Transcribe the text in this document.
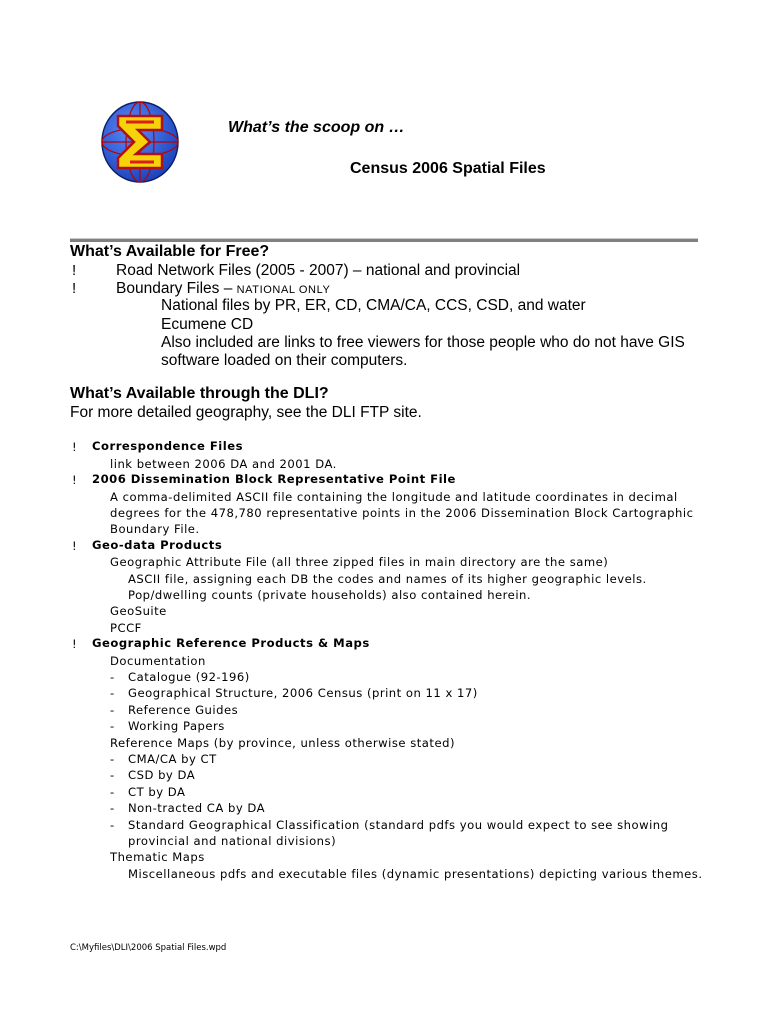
What’s the scoop on …
Census 2006 Spatial Files
What’s Available for Free?
!	Road Network Files (2005 - 2007) – national and provincial
!	Boundary Files – NATIONAL ONLY
National files by PR, ER, CD, CMA/CA, CCS, CSD, and water
Ecumene CD
Also included are links to free viewers for those people who do not have GIS
software loaded on their computers.
What’s Available through the DLI?
For more detailed geography, see the DLI FTP site.
! Correspondence Files
link between 2006 DA and 2001 DA.
! 2006 Dissemination Block Representative Point File
A comma-delimited ASCII file containing the longitude and latitude coordinates in decimal
degrees for the 478,780 representative points in the 2006 Dissemination Block Cartographic
Boundary File.
! Geo-data Products
Geographic Attribute File (all three zipped files in main directory are the same)
ASCII file, assigning each DB the codes and names of its higher geographic levels.
Pop/dwelling counts (private households) also contained herein.
GeoSuite
PCCF
! Geographic Reference Products & Maps
Documentation
- Catalogue (92-196)
- Geographical Structure, 2006 Census (print on 11 x 17)
- Reference Guides
- Working Papers
Reference Maps (by province, unless otherwise stated)
- CMA/CA by CT
- CSD by DA
- CT by DA
- Non-tracted CA by DA
- Standard Geographical Classification (standard pdfs you would expect to see showing
provincial and national divisions)
Thematic Maps
Miscellaneous pdfs and executable files (dynamic presentations) depicting various themes.
C:\Myfiles\DLI\2006 Spatial Files.wpd
